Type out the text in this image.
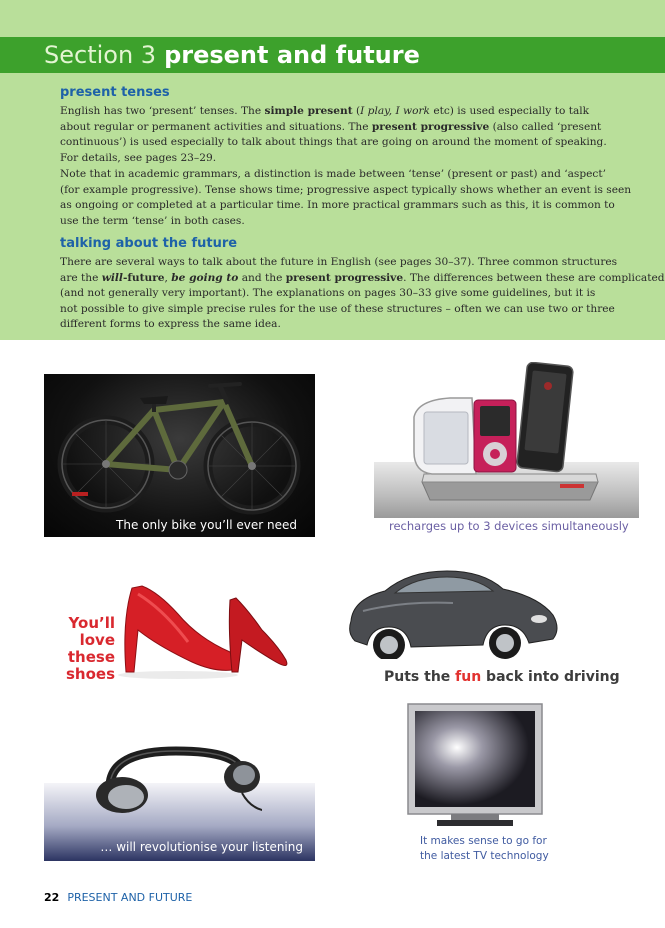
Section 3 present and future
present tenses
English has two ‘present’ tenses. The simple present (I play, I work etc) is used especially to talk
about regular or permanent activities and situations. The present progressive (also called ‘present
continuous’) is used especially to talk about things that are going on around the moment of speaking.
For details, see pages 23–29.
Note that in academic grammars, a distinction is made between ‘tense’ (present or past) and ‘aspect’
(for example progressive). Tense shows time; progressive aspect typically shows whether an event is seen
as ongoing or completed at a particular time. In more practical grammars such as this, it is common to
use the term ‘tense’ in both cases.
talking about the future
There are several ways to talk about the future in English (see pages 30–37). Three common structures
are the will-future, be going to and the present progressive. The differences between these are complicated
(and not generally very important). The explanations on pages 30–33 give some guidelines, but it is
not possible to give simple precise rules for the use of these structures – often we can use two or three
different forms to express the same idea.
The only bike you’ll ever need	recharges up to 3 devices simultaneously
You’ll
love
these
shoes	Puts the fun back into driving
… will revolutionise your listening	It makes sense to go for
the latest TV technology
22 PRESENT AND FUTURE
